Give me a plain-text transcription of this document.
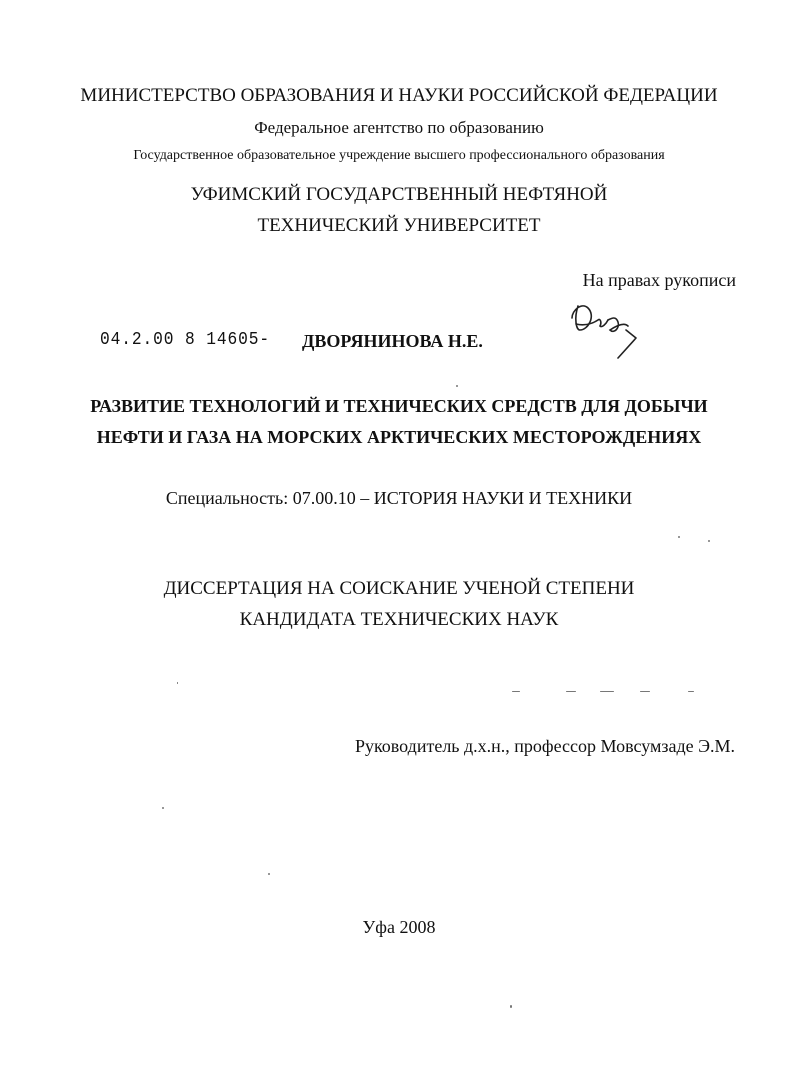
МИНИСТЕРСТВО ОБРАЗОВАНИЯ И НАУКИ РОССИЙСКОЙ ФЕДЕРАЦИИ
Федеральное агентство по образованию
Государственное образовательное учреждение высшего профессионального образования
УФИМСКИЙ ГОСУДАРСТВЕННЫЙ НЕФТЯНОЙ
ТЕХНИЧЕСКИЙ УНИВЕРСИТЕТ
На правах рукописи
04.2.00 8 14605- ДВОРЯНИНОВА Н.Е.
РАЗВИТИЕ ТЕХНОЛОГИЙ И ТЕХНИЧЕСКИХ СРЕДСТВ ДЛЯ ДОБЫЧИ
НЕФТИ И ГАЗА НА МОРСКИХ АРКТИЧЕСКИХ МЕСТОРОЖДЕНИЯХ
Специальность: 07.00.10 – ИСТОРИЯ НАУКИ И ТЕХНИКИ
ДИССЕРТАЦИЯ НА СОИСКАНИЕ УЧЕНОЙ СТЕПЕНИ
КАНДИДАТА ТЕХНИЧЕСКИХ НАУК
Руководитель д.х.н., профессор Мовсумзаде Э.М.
Уфа 2008
